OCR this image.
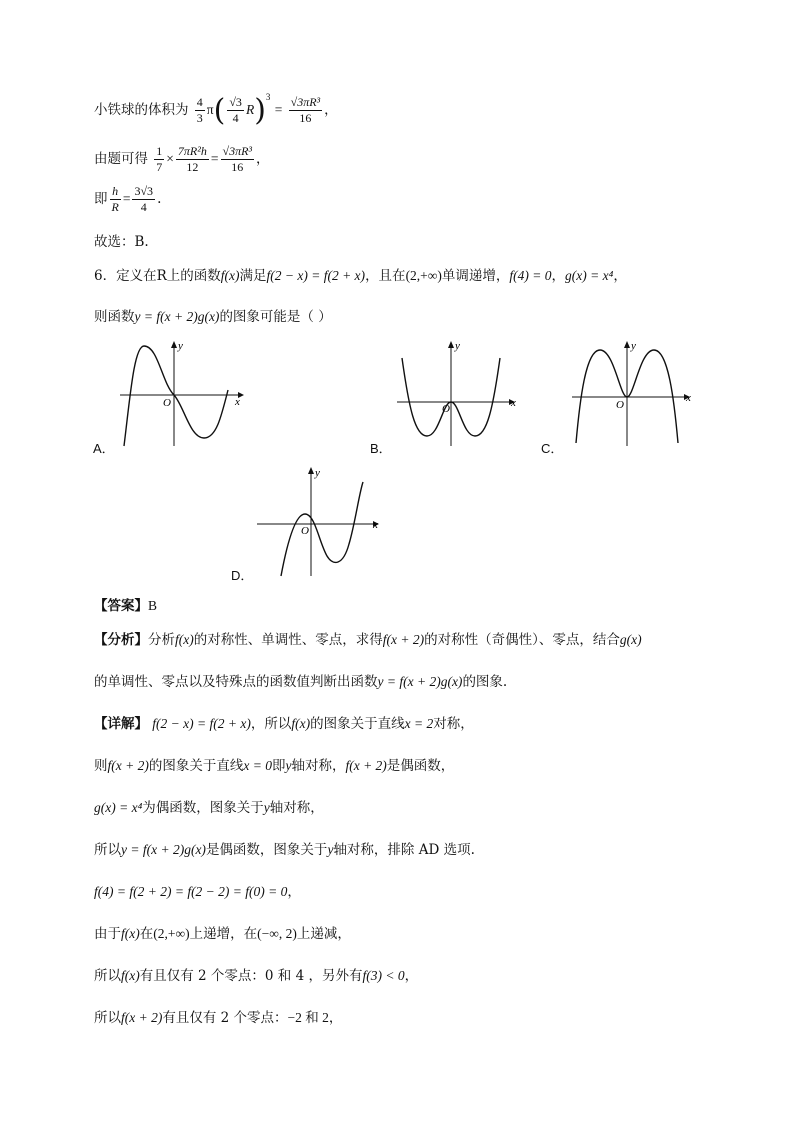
小铁球的体积为 $\frac{4}{3} \pi( \frac{√3}{4} R)^3 = \frac{\text{√3πR³}}{16}$ ，
由题可得 $\frac{1}{7} \times \frac{\text{7πR²h}}{12} = \frac{\text{√3πR³}}{16}$ ，
即 $\frac{h}{R} = \frac{3√3}{4}$ .
故选：B.
6．定义在R上的函数f(x)满足f(2 − x) = f(2 + x)，且在(2,+∞)单调递增，f(4) = 0，g(x) = x⁴，
则函数y = f(x + 2)g(x)的图象可能是（ ）
x
y
O
A．
x
y
O
B．
x
y
O
C．
x
y
O
D．
【答案】B
【分析】分析f(x)的对称性、单调性、零点，求得f(x + 2)的对称性（奇偶性）、零点，结合g(x)
的单调性、零点以及特殊点的函数值判断出函数y = f(x + 2)g(x)的图象.
【详解】 f(2 − x) = f(2 + x)，所以f(x)的图象关于直线x = 2对称，
则f(x + 2)的图象关于直线x = 0即y轴对称，f(x + 2)是偶函数，
g(x) = x⁴为偶函数，图象关于y轴对称，
所以y = f(x + 2)g(x)是偶函数，图象关于y轴对称，排除 AD 选项.
f(4) = f(2 + 2) = f(2 − 2) = f(0) = 0，
由于f(x)在(2,+∞)上递增，在(−∞, 2)上递减，
所以f(x)有且仅有 2 个零点：0 和 4 ，另外有f(3) < 0，
所以f(x + 2)有且仅有 2 个零点：−2 和 2，
